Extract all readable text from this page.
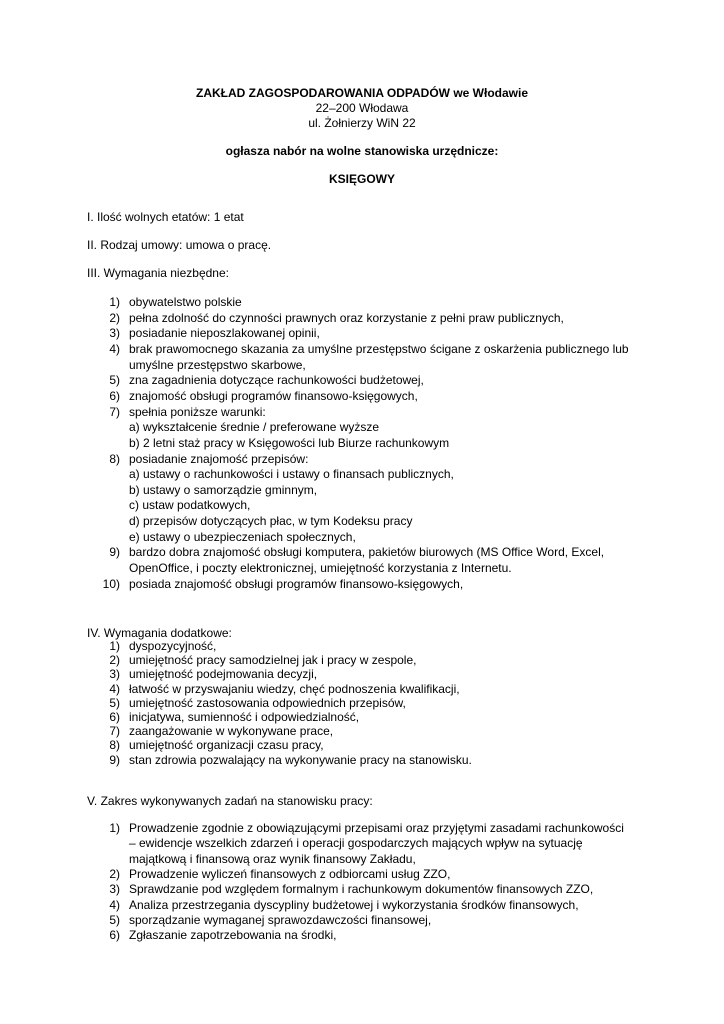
ZAKŁAD ZAGOSPODAROWANIA ODPADÓW we Włodawie
22–200 Włodawa
ul. Żołnierzy WiN 22
ogłasza nabór na wolne stanowiska urzędnicze:
KSIĘGOWY
I. Ilość wolnych etatów: 1 etat
II. Rodzaj umowy: umowa o pracę.
III. Wymagania niezbędne:
1) obywatelstwo polskie
2) pełna zdolność do czynności prawnych oraz korzystanie z pełni praw publicznych,
3) posiadanie nieposzlakowanej opinii,
4) brak prawomocnego skazania za umyślne przestępstwo ścigane z oskarżenia publicznego lub
umyślne przestępstwo skarbowe,
5) zna zagadnienia dotyczące rachunkowości budżetowej,
6) znajomość obsługi programów finansowo-księgowych,
7) spełnia poniższe warunki:
a) wykształcenie średnie / preferowane wyższe
b) 2 letni staż pracy w Księgowości lub Biurze rachunkowym
8) posiadanie znajomość przepisów:
a) ustawy o rachunkowości i ustawy o finansach publicznych,
b) ustawy o samorządzie gminnym,
c) ustaw podatkowych,
d) przepisów dotyczących płac, w tym Kodeksu pracy
e) ustawy o ubezpieczeniach społecznych,
9) bardzo dobra znajomość obsługi komputera, pakietów biurowych (MS Office Word, Excel,
OpenOffice, i poczty elektronicznej, umiejętność korzystania z Internetu.
10) posiada znajomość obsługi programów finansowo-księgowych,
IV. Wymagania dodatkowe:
1) dyspozycyjność,
2) umiejętność pracy samodzielnej jak i pracy w zespole,
3) umiejętność podejmowania decyzji,
4) łatwość w przyswajaniu wiedzy, chęć podnoszenia kwalifikacji,
5) umiejętność zastosowania odpowiednich przepisów,
6) inicjatywa, sumienność i odpowiedzialność,
7) zaangażowanie w wykonywane prace,
8) umiejętność organizacji czasu pracy,
9) stan zdrowia pozwalający na wykonywanie pracy na stanowisku.
V. Zakres wykonywanych zadań na stanowisku pracy:
1) Prowadzenie zgodnie z obowiązującymi przepisami oraz przyjętymi zasadami rachunkowości
– ewidencje wszelkich zdarzeń i operacji gospodarczych mających wpływ na sytuację
majątkową i finansową oraz wynik finansowy Zakładu,
2) Prowadzenie wyliczeń finansowych z odbiorcami usług ZZO,
3) Sprawdzanie pod względem formalnym i rachunkowym dokumentów finansowych ZZO,
4) Analiza przestrzegania dyscypliny budżetowej i wykorzystania środków finansowych,
5) sporządzanie wymaganej sprawozdawczości finansowej,
6) Zgłaszanie zapotrzebowania na środki,
